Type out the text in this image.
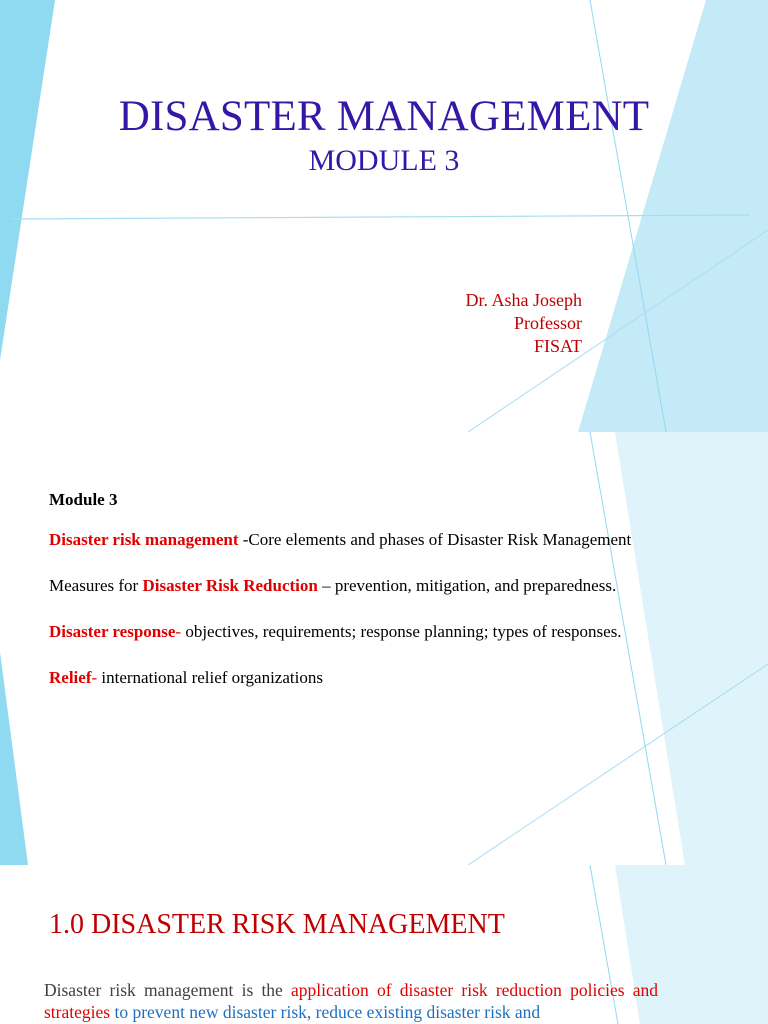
DISASTER MANAGEMENT
MODULE 3
Dr. Asha Joseph
Professor
FISAT
Module 3
Disaster risk management -Core elements and phases of Disaster Risk Management
Measures for Disaster Risk Reduction – prevention, mitigation, and preparedness.
Disaster response- objectives, requirements; response planning; types of responses.
Relief- international relief organizations
1.0 DISASTER RISK MANAGEMENT
Disaster risk management is the application of disaster risk reduction policies and strategies to prevent new disaster risk, reduce existing disaster risk and
